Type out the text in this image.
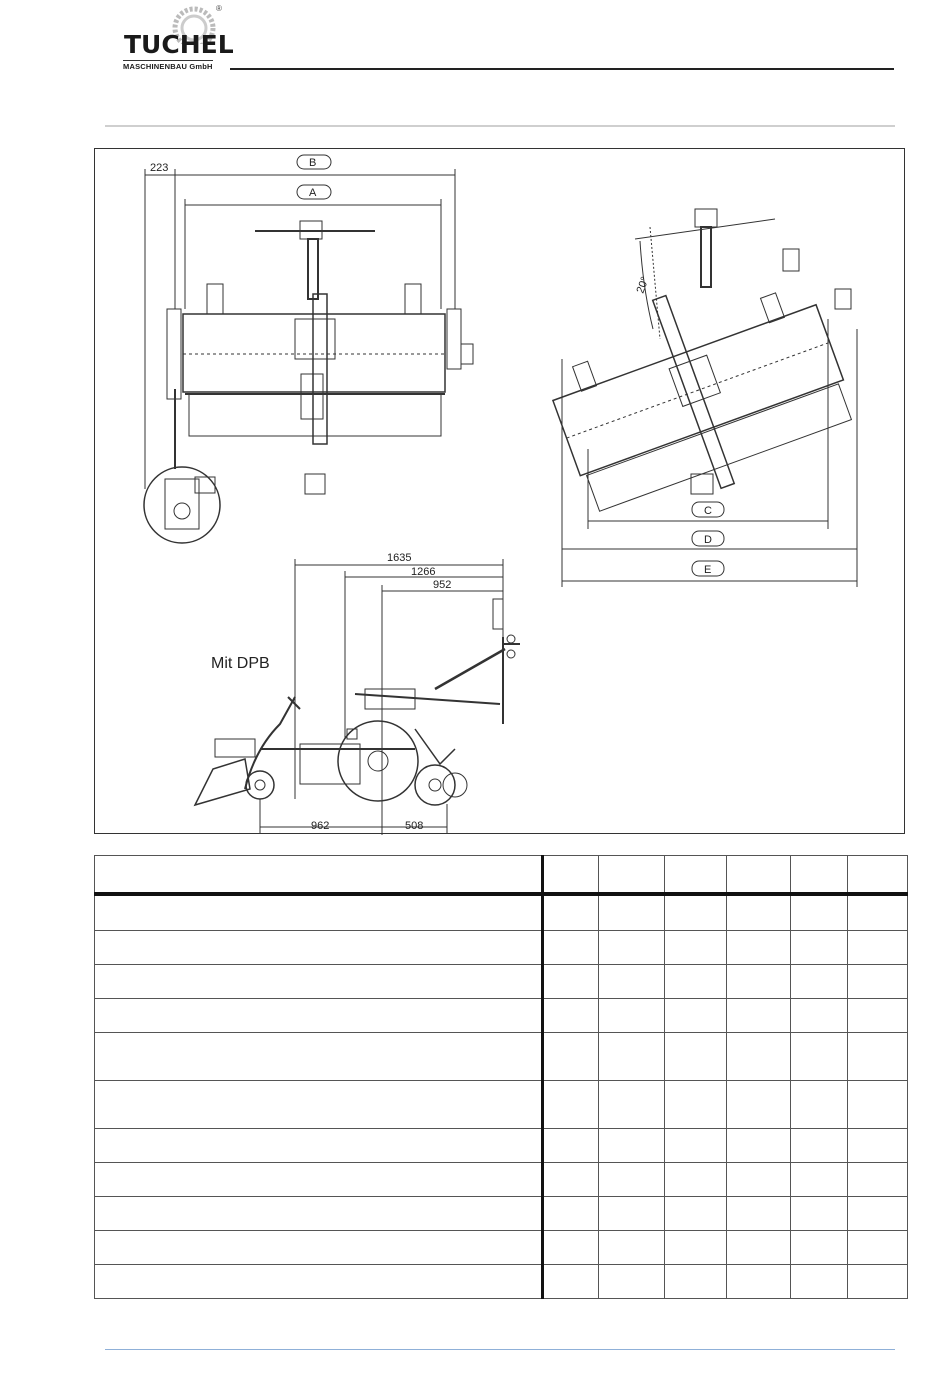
®
TUCHEL
MASCHINENBAU GmbH
223	B
A
20°
C
D
E
1635
1266
952
962	508
Mit DPB
